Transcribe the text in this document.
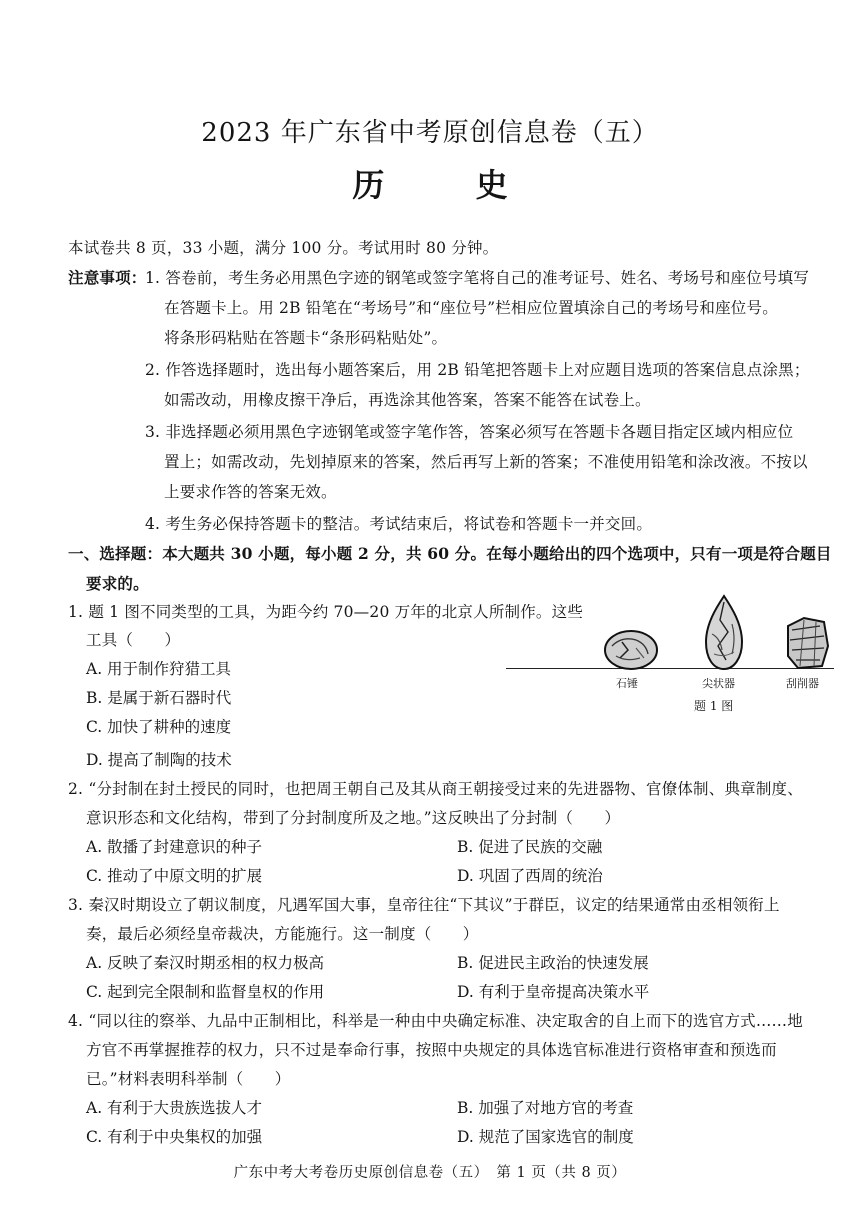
2023 年广东省中考原创信息卷（五）
历 史
本试卷共 8 页，33 小题，满分 100 分。考试用时 80 分钟。
注意事项：
1. 答卷前，考生务必用黑色字迹的钢笔或签字笔将自己的准考证号、姓名、考场号和座位号填写
在答题卡上。用 2B 铅笔在“考场号”和“座位号”栏相应位置填涂自己的考场号和座位号。
将条形码粘贴在答题卡“条形码粘贴处”。
2. 作答选择题时，选出每小题答案后，用 2B 铅笔把答题卡上对应题目选项的答案信息点涂黑；
如需改动，用橡皮擦干净后，再选涂其他答案，答案不能答在试卷上。
3. 非选择题必须用黑色字迹钢笔或签字笔作答，答案必须写在答题卡各题目指定区域内相应位
置上；如需改动，先划掉原来的答案，然后再写上新的答案；不准使用铅笔和涂改液。不按以
上要求作答的答案无效。
4. 考生务必保持答题卡的整洁。考试结束后，将试卷和答题卡一并交回。
一、选择题：本大题共 30 小题，每小题 2 分，共 60 分。在每小题给出的四个选项中，只有一项是符合题目
要求的。
1. 题 1 图不同类型的工具，为距今约 70—20 万年的北京人所制作。这些
工具（　　）
A. 用于制作狩猎工具
B. 是属于新石器时代
C. 加快了耕种的速度
D. 提高了制陶的技术
石锤	尖状器	刮削器
题 1 图
2. “分封制在封土授民的同时，也把周王朝自己及其从商王朝接受过来的先进器物、官僚体制、典章制度、
意识形态和文化结构，带到了分封制度所及之地。”这反映出了分封制（　　）
A. 散播了封建意识的种子	B. 促进了民族的交融
C. 推动了中原文明的扩展	D. 巩固了西周的统治
3. 秦汉时期设立了朝议制度，凡遇军国大事，皇帝往往“下其议”于群臣，议定的结果通常由丞相领衔上
奏，最后必须经皇帝裁决，方能施行。这一制度（　　）
A. 反映了秦汉时期丞相的权力极高	B. 促进民主政治的快速发展
C. 起到完全限制和监督皇权的作用	D. 有利于皇帝提高决策水平
4. “同以往的察举、九品中正制相比，科举是一种由中央确定标准、决定取舍的自上而下的选官方式……地
方官不再掌握推荐的权力，只不过是奉命行事，按照中央规定的具体选官标准进行资格审查和预选而
已。”材料表明科举制（　　）
A. 有利于大贵族选拔人才	B. 加强了对地方官的考查
C. 有利于中央集权的加强	D. 规范了国家选官的制度
广东中考大考卷历史原创信息卷（五）　第 1 页（共 8 页）
